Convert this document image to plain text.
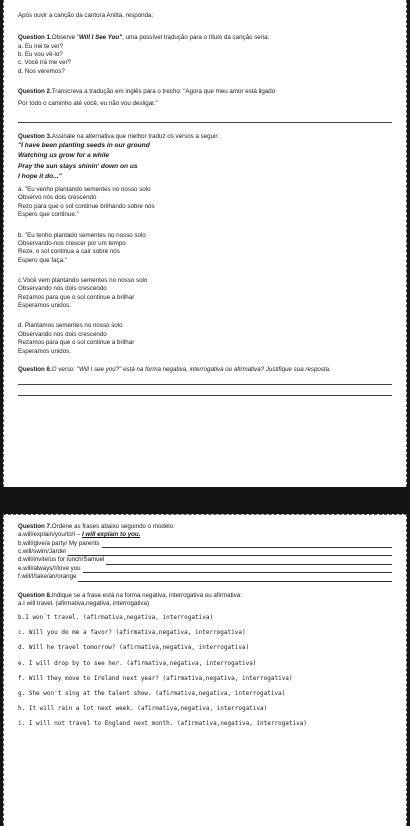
Após ouvir a canção da cantora Anitta, responda:

Question 1.Observe "Will I See You", uma possível tradução para o título da canção seria:

a. Eu irei te ver?
b. Eu vou vê-lo?
c. Você irá me ver?
d. Nos veremos?

Question 2.Transcreva a tradução em inglês para o trecho: "Agora que meu amor está ligado

Por todo o caminho até você, eu não vou desligar."

Question 3.Assinale na alternativa que melhor traduz os versos a seguir:

"I have been planting seeds in our ground

Watching us grow for a while

Pray the sun stays shinin' down on us

I hope it do..."

a. "Eu venho plantando sementes no nosso solo
Observo nós dois crescendo
Rezo para que o sol continue brilhando sobre nós
Espero que continue."
b. "Eu tenho plantado sementes no nosso solo
Observando-nos crescer por um tempo
Reze, o sol continua a cair sobre nós
Espero que faça."
c.Você vem plantando sementes no nosso solo
Observando nós dois crescendo
Rezamos para que o sol continue a brilhar
Esperamos unidos.
d. Plantamos sementes no nosso solo
Observando nós dois crescendo
Rezamos para que o sol continue a brilhar
Esperamos unidos.

Question 6.O verso: "Will I see you?" está na forma negativa, interrogativa ou afirmativa? Justifique sua resposta.

Question 7.Ordene as frases abaixo seguindo o modelo:

a.will/explain/you/to/I – I will explain to you.

b.will/give/a party/ My parents
c.will/swim/Jardel
d.will/invite/us for lunch/Samuel
e.will/always/I/love you
f.will/I/take/an/orange

Question 8.Indique se a frase está na forma negativa, interrogativa ou afirmativa:

a.I will travel. (afirmativa,negativa, interrogativa)

b.I won´t travel. (afirmativa,negativa, interrogativa)

c. Will you do me a favor? (afirmativa,negativa, interrogativa)

d. Will he travel tomorrow? (afirmativa,negativa, interrogativa)

e. I will drop by to see her. (afirmativa,negativa, interrogativa)

f. Will they move to Ireland next year? (afirmativa,negativa, interrogativa)

g. She won't sing at the talent show. (afirmativa,negativa, interrogativa)

h. It will rain a lot next week. (afirmativa,negativa, interrogativa)

i. I will not travel to England next month. (afirmativa,negativa, interrogativa)
